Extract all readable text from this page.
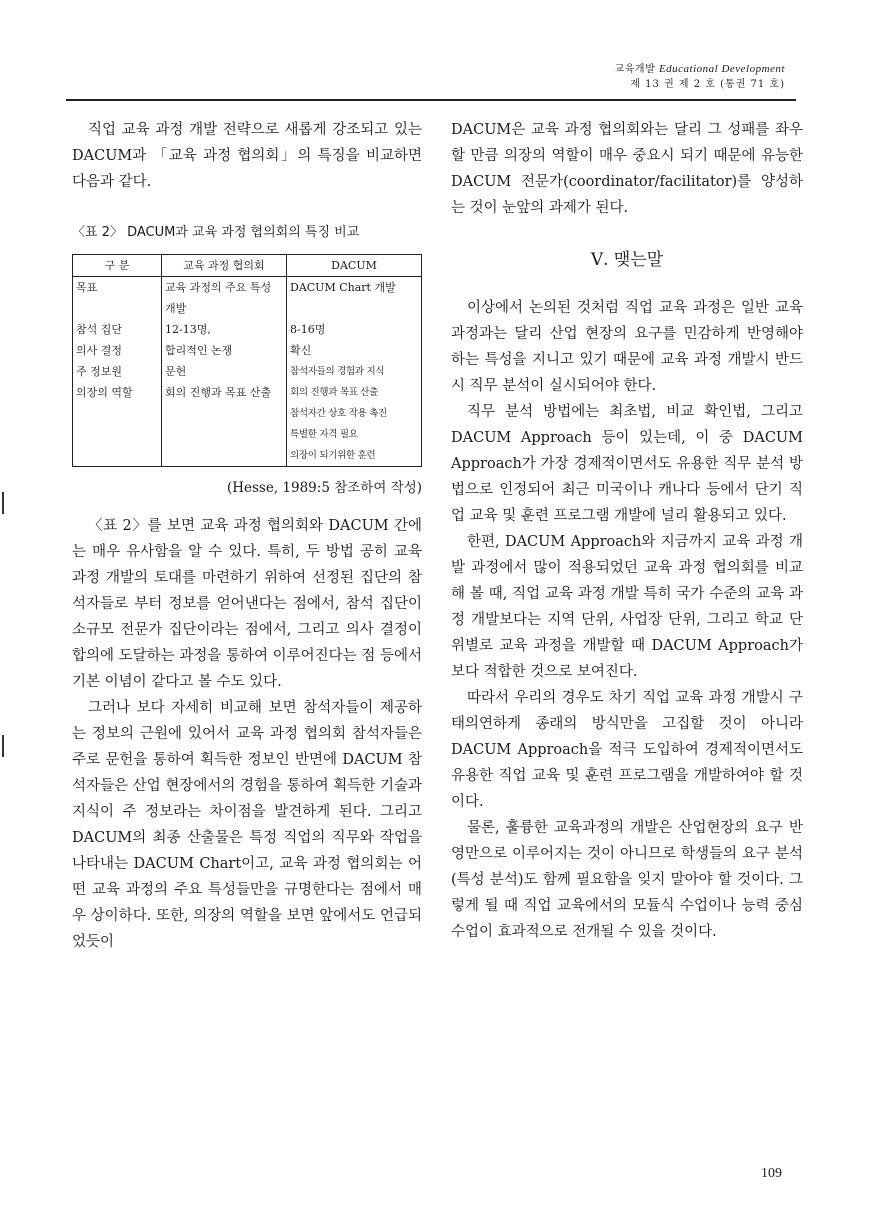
교육개발 Educational Development
제 13 권 제 2 호 (통권 71 호)

직업 교육 과정 개발 전략으로 새롭게 강조되고 있는 DACUM과 「교육 과정 협의회」의 특징을 비교하면 다음과 같다.

〈표 2〉 DACUM과 교육 과정 협의회의 특징 비교
구 분	교육 과정 협의회	DACUM
목표	교육 과정의 주요 특성 개발	DACUM Chart 개발
참석 집단	12-13명,	8-16명
의사 결정	합리적인 논쟁	확신
주 정보원	문헌	참석자들의 경험과 지식
의장의 역할	회의 진행과 목표 산출	회의 진행과 목표 산출
		참석자간 상호 작용 촉진
		특별한 자격 필요
		의장이 되기위한 훈련
(Hesse, 1989:5 참조하여 작성)

〈표 2〉를 보면 교육 과정 협의회와 DACUM 간에는 매우 유사함을 알 수 있다. 특히, 두 방법 공히 교육 과정 개발의 토대를 마련하기 위하여 선정된 집단의 참석자들로 부터 정보를 얻어낸다는 점에서, 참석 집단이 소규모 전문가 집단이라는 점에서, 그리고 의사 결정이 합의에 도달하는 과정을 통하여 이루어진다는 점 등에서 기본 이념이 같다고 볼 수도 있다.

그러나 보다 자세히 비교해 보면 참석자들이 제공하는 정보의 근원에 있어서 교육 과정 협의회 참석자들은 주로 문헌을 통하여 획득한 정보인 반면에 DACUM 참석자들은 산업 현장에서의 경험을 통하여 획득한 기술과 지식이 주 정보라는 차이점을 발견하게 된다. 그리고 DACUM의 최종 산출물은 특정 직업의 직무와 작업을 나타내는 DACUM Chart이고, 교육 과정 협의회는 어떤 교육 과정의 주요 특성들만을 규명한다는 점에서 매우 상이하다. 또한, 의장의 역할을 보면 앞에서도 언급되었듯이

DACUM은 교육 과정 협의회와는 달리 그 성패를 좌우할 만큼 의장의 역할이 매우 중요시 되기 때문에 유능한 DACUM 전문가(coordinator/facilitator)를 양성하는 것이 눈앞의 과제가 된다.

Ⅴ. 맺는말

이상에서 논의된 것처럼 직업 교육 과정은 일반 교육 과정과는 달리 산업 현장의 요구를 민감하게 반영해야 하는 특성을 지니고 있기 때문에 교육 과정 개발시 반드시 직무 분석이 실시되어야 한다.

직무 분석 방법에는 최초법, 비교 확인법, 그리고 DACUM Approach 등이 있는데, 이 중 DACUM Approach가 가장 경제적이면서도 유용한 직무 분석 방법으로 인정되어 최근 미국이나 캐나다 등에서 단기 직업 교육 및 훈련 프로그램 개발에 널리 활용되고 있다.

한편, DACUM Approach와 지금까지 교육 과정 개발 과정에서 많이 적용되었던 교육 과정 협의회를 비교해 볼 때, 직업 교육 과정 개발 특히 국가 수준의 교육 과정 개발보다는 지역 단위, 사업장 단위, 그리고 학교 단위별로 교육 과정을 개발할 때 DACUM Approach가 보다 적합한 것으로 보여진다.

따라서 우리의 경우도 차기 직업 교육 과정 개발시 구태의연하게 종래의 방식만을 고집할 것이 아니라 DACUM Approach을 적극 도입하여 경제적이면서도 유용한 직업 교육 및 훈련 프로그램을 개발하여야 할 것이다.

물론, 훌륭한 교육과정의 개발은 산업현장의 요구 반영만으로 이루어지는 것이 아니므로 학생들의 요구 분석(특성 분석)도 함께 필요함을 잊지 말아야 할 것이다. 그렇게 될 때 직업 교육에서의 모듈식 수업이나 능력 중심 수업이 효과적으로 전개될 수 있을 것이다.

109
